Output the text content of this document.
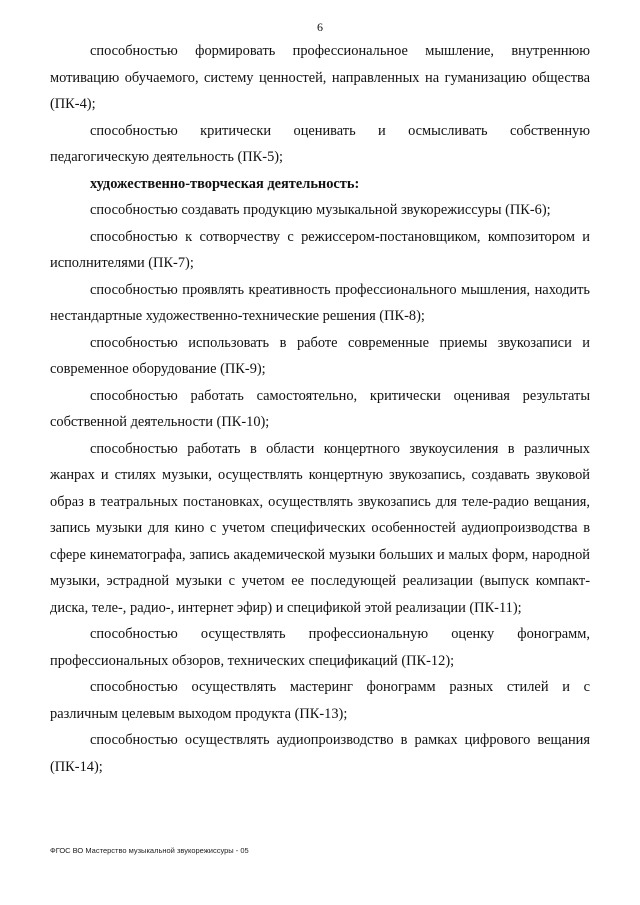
6

способностью формировать профессиональное мышление, внутреннюю мотивацию обучаемого, систему ценностей, направленных на гуманизацию общества (ПК-4);

способностью критически оценивать и осмысливать собственную педагогическую деятельность (ПК-5);

художественно-творческая деятельность:

способностью создавать продукцию музыкальной звукорежиссуры (ПК-6);

способностью к сотворчеству с режиссером-постановщиком, композитором и исполнителями (ПК-7);

способностью проявлять креативность профессионального мышления, находить нестандартные художественно-технические решения (ПК-8);

способностью использовать в работе современные приемы звукозаписи и современное оборудование (ПК-9);

способностью работать самостоятельно, критически оценивая результаты собственной деятельности (ПК-10);

способностью работать в области концертного звукоусиления в различных жанрах и стилях музыки, осуществлять концертную звукозапись, создавать звуковой образ в театральных постановках, осуществлять звукозапись для теле-радио вещания, запись музыки для кино с учетом специфических особенностей аудиопроизводства в сфере кинематографа, запись академической музыки больших и малых форм, народной музыки, эстрадной музыки с учетом ее последующей реализации (выпуск компакт-диска, теле-, радио-, интернет эфир) и спецификой этой реализации (ПК-11);

способностью осуществлять профессиональную оценку фонограмм, профессиональных обзоров, технических спецификаций (ПК-12);

способностью осуществлять мастеринг фонограмм разных стилей и с различным целевым выходом продукта (ПК-13);

способностью осуществлять аудиопроизводство в рамках цифрового вещания (ПК-14);

ФГОС ВО Мастерство музыкальной звукорежиссуры - 05
